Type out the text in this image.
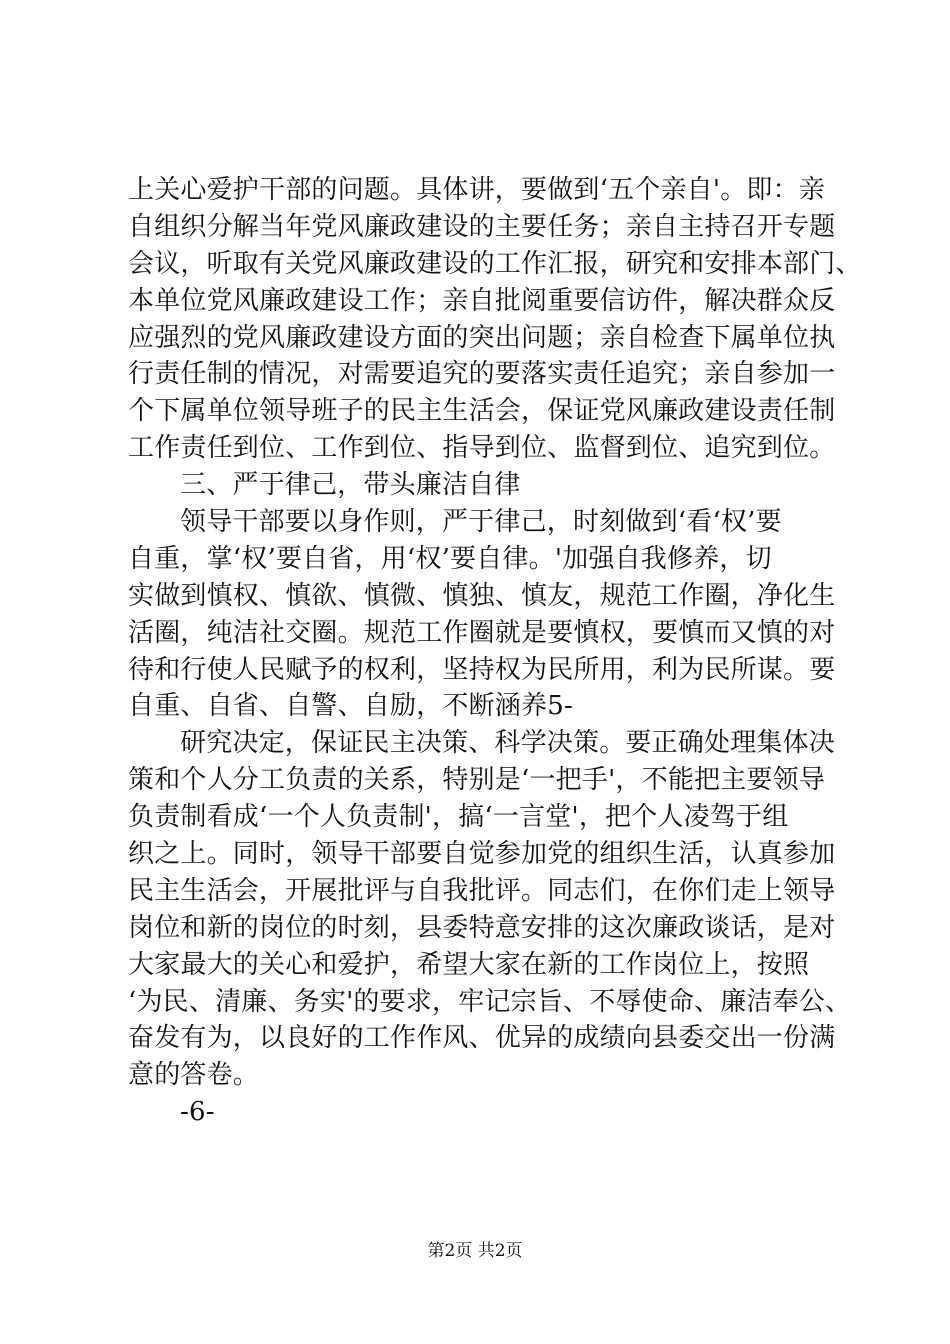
上关心爱护干部的问题。具体讲，要做到‘五个亲自'。即：亲
自组织分解当年党风廉政建设的主要任务；亲自主持召开专题
会议，听取有关党风廉政建设的工作汇报，研究和安排本部门、
本单位党风廉政建设工作；亲自批阅重要信访件，解决群众反
应强烈的党风廉政建设方面的突出问题；亲自检查下属单位执
行责任制的情况，对需要追究的要落实责任追究；亲自参加一
个下属单位领导班子的民主生活会，保证党风廉政建设责任制
工作责任到位、工作到位、指导到位、监督到位、追究到位。
三、严于律己，带头廉洁自律
领导干部要以身作则，严于律己，时刻做到‘看‘权’要
自重，掌‘权’要自省，用‘权’要自律。'加强自我修养，切
实做到慎权、慎欲、慎微、慎独、慎友，规范工作圈，净化生
活圈，纯洁社交圈。规范工作圈就是要慎权，要慎而又慎的对
待和行使人民赋予的权利，坚持权为民所用，利为民所谋。要
自重、自省、自警、自励，不断涵养5-
研究决定，保证民主决策、科学决策。要正确处理集体决
策和个人分工负责的关系，特别是‘一把手'，不能把主要领导
负责制看成‘一个人负责制'，搞‘一言堂'，把个人凌驾于组
织之上。同时，领导干部要自觉参加党的组织生活，认真参加
民主生活会，开展批评与自我批评。同志们，在你们走上领导
岗位和新的岗位的时刻，县委特意安排的这次廉政谈话，是对
大家最大的关心和爱护，希望大家在新的工作岗位上，按照
‘为民、清廉、务实'的要求，牢记宗旨、不辱使命、廉洁奉公、
奋发有为，以良好的工作作风、优异的成绩向县委交出一份满
意的答卷。
-6-
第2页 共2页
